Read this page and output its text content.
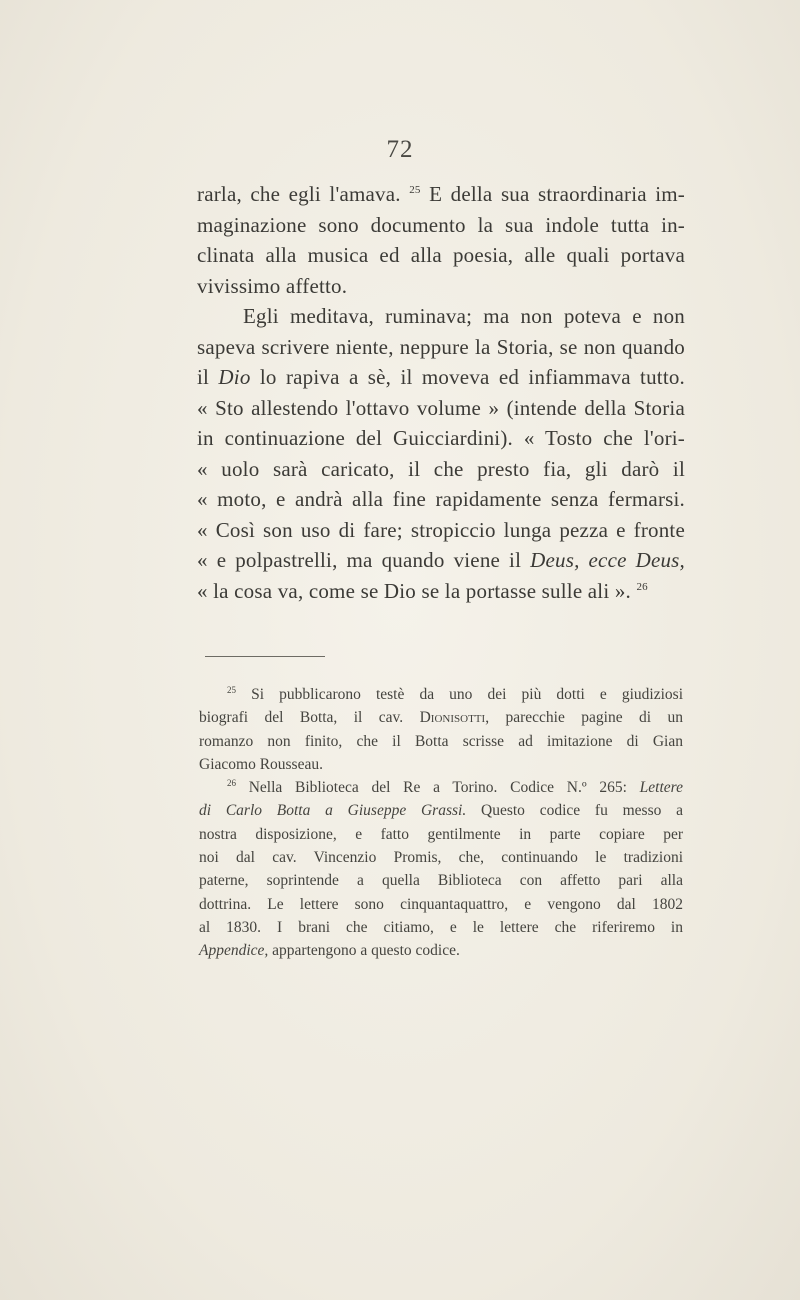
72
rarla, che egli l'amava. $^{25}$ E della sua straordinaria im-
maginazione sono documento la sua indole tutta in-
clinata alla musica ed alla poesia, alle quali portava
vivissimo affetto.
Egli meditava, ruminava; ma non poteva e non
sapeva scrivere niente, neppure la Storia, se non quando
il Dio lo rapiva a sè, il moveva ed infiammava tutto.
« Sto allestendo l'ottavo volume » (intende della Storia
in continuazione del Guicciardini). « Tosto che l'ori-
« uolo sarà caricato, il che presto fia, gli darò il
« moto, e andrà alla fine rapidamente senza fermarsi.
« Così son uso di fare; stropiccio lunga pezza e fronte
« e polpastrelli, ma quando viene il Deus, ecce Deus,
« la cosa va, come se Dio se la portasse sulle ali ». $^{26}$
$^{25}$ Si pubblicarono testè da uno dei più dotti e giudiziosi
biografi del Botta, il cav. Dionisotti, parecchie pagine di un
romanzo non finito, che il Botta scrisse ad imitazione di Gian
Giacomo Rousseau.
$^{26}$ Nella Biblioteca del Re a Torino. Codice N.º 265: Lettere
di Carlo Botta a Giuseppe Grassi. Questo codice fu messo a
nostra disposizione, e fatto gentilmente in parte copiare per
noi dal cav. Vincenzio Promis, che, continuando le tradizioni
paterne, soprintende a quella Biblioteca con affetto pari alla
dottrina. Le lettere sono cinquantaquattro, e vengono dal 1802
al 1830. I brani che citiamo, e le lettere che riferiremo in
Appendice, appartengono a questo codice.
